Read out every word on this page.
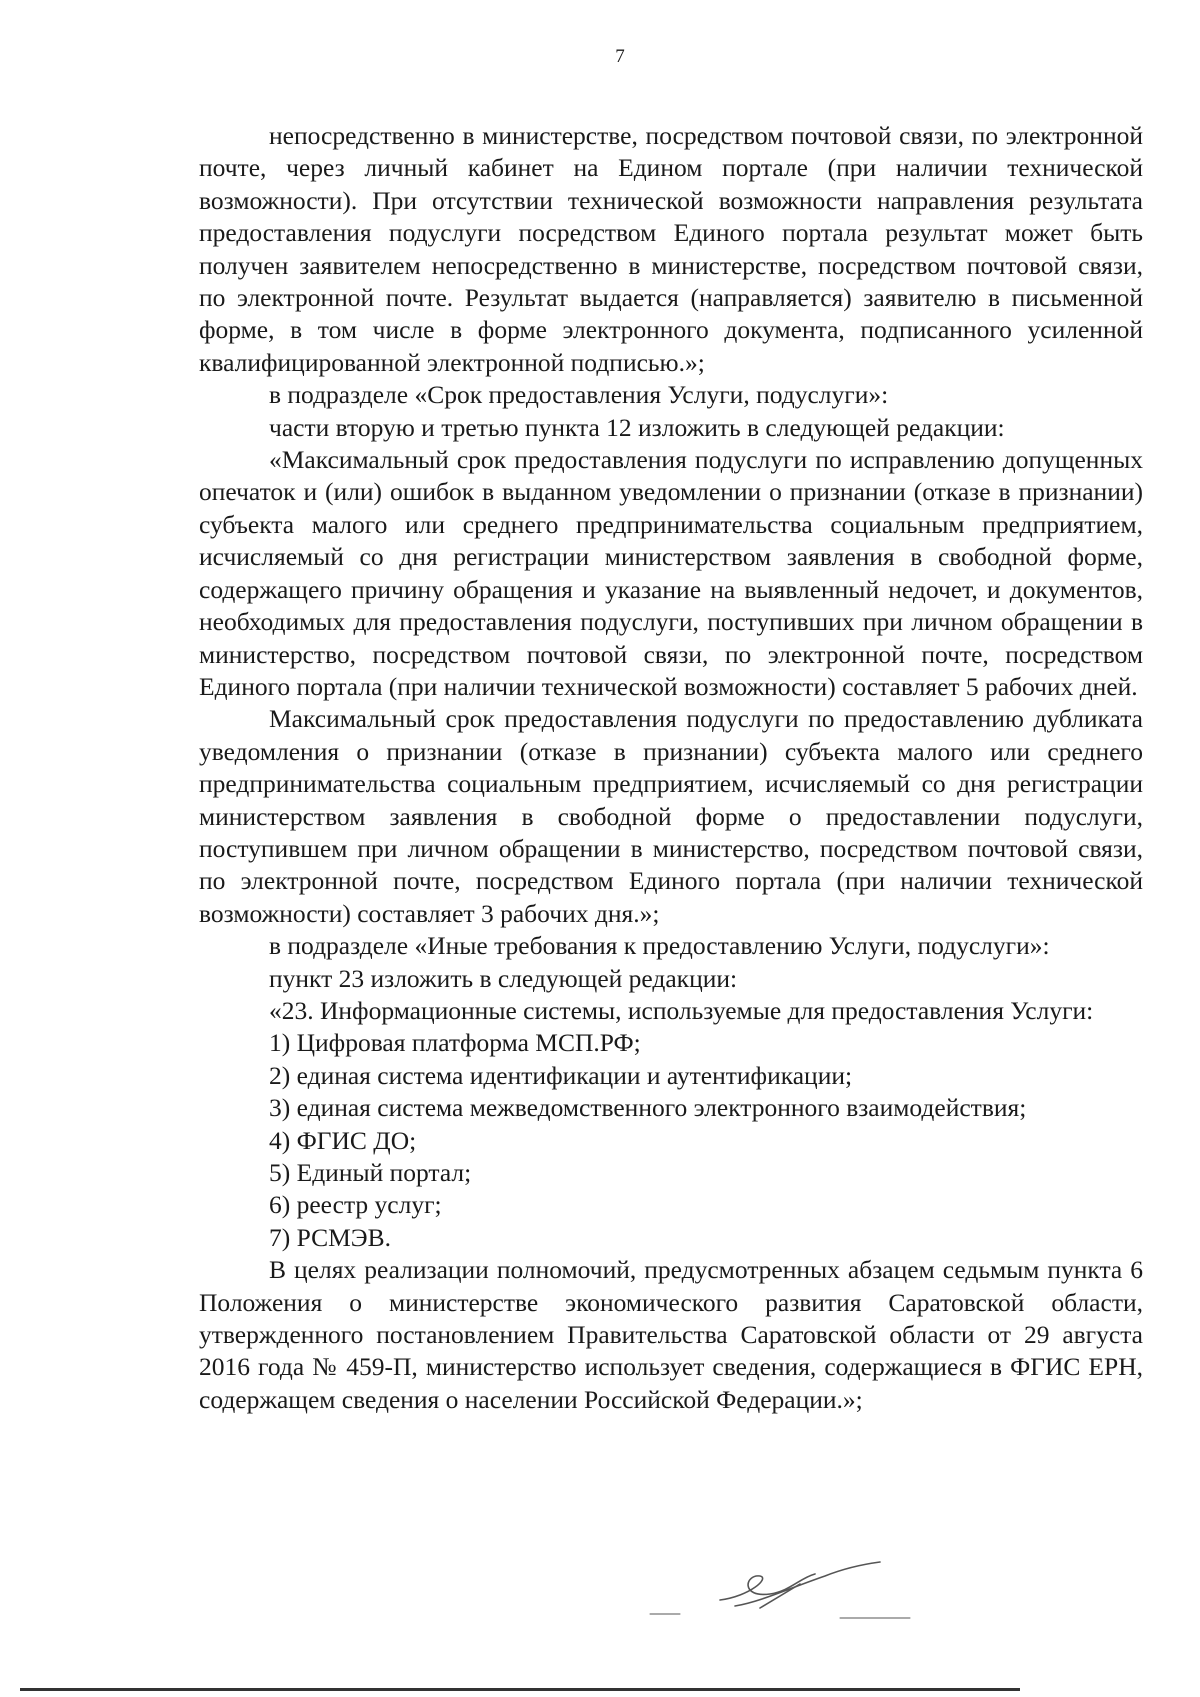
7

непосредственно в министерстве, посредством почтовой связи, по электронной почте, через личный кабинет на Едином портале (при наличии технической возможности). При отсутствии технической возможности направления результата предоставления подуслуги посредством Единого портала результат может быть получен заявителем непосредственно в министерстве, посредством почтовой связи, по электронной почте. Результат выдается (направляется) заявителю в письменной форме, в том числе в форме электронного документа, подписанного усиленной квалифицированной электронной подписью.»;

в подразделе «Срок предоставления Услуги, подуслуги»:

части вторую и третью пункта 12 изложить в следующей редакции:

«Максимальный срок предоставления подуслуги по исправлению допущенных опечаток и (или) ошибок в выданном уведомлении о признании (отказе в признании) субъекта малого или среднего предпринимательства социальным предприятием, исчисляемый со дня регистрации министерством заявления в свободной форме, содержащего причину обращения и указание на выявленный недочет, и документов, необходимых для предоставления подуслуги, поступивших при личном обращении в министерство, посредством почтовой связи, по электронной почте, посредством Единого портала (при наличии технической возможности) составляет 5 рабочих дней.

Максимальный срок предоставления подуслуги по предоставлению дубликата уведомления о признании (отказе в признании) субъекта малого или среднего предпринимательства социальным предприятием, исчисляемый со дня регистрации министерством заявления в свободной форме о предоставлении подуслуги, поступившем при личном обращении в министерство, посредством почтовой связи, по электронной почте, посредством Единого портала (при наличии технической возможности) составляет 3 рабочих дня.»;

в подразделе «Иные требования к предоставлению Услуги, подуслуги»:

пункт 23 изложить в следующей редакции:

«23. Информационные системы, используемые для предоставления Услуги:

1) Цифровая платформа МСП.РФ;

2) единая система идентификации и аутентификации;

3) единая система межведомственного электронного взаимодействия;

4) ФГИС ДО;

5) Единый портал;

6) реестр услуг;

7) РСМЭВ.

В целях реализации полномочий, предусмотренных абзацем седьмым пункта 6 Положения о министерстве экономического развития Саратовской области, утвержденного постановлением Правительства Саратовской области от 29 августа 2016 года № 459-П, министерство использует сведения, содержащиеся в ФГИС ЕРН, содержащем сведения о населении Российской Федерации.»;
